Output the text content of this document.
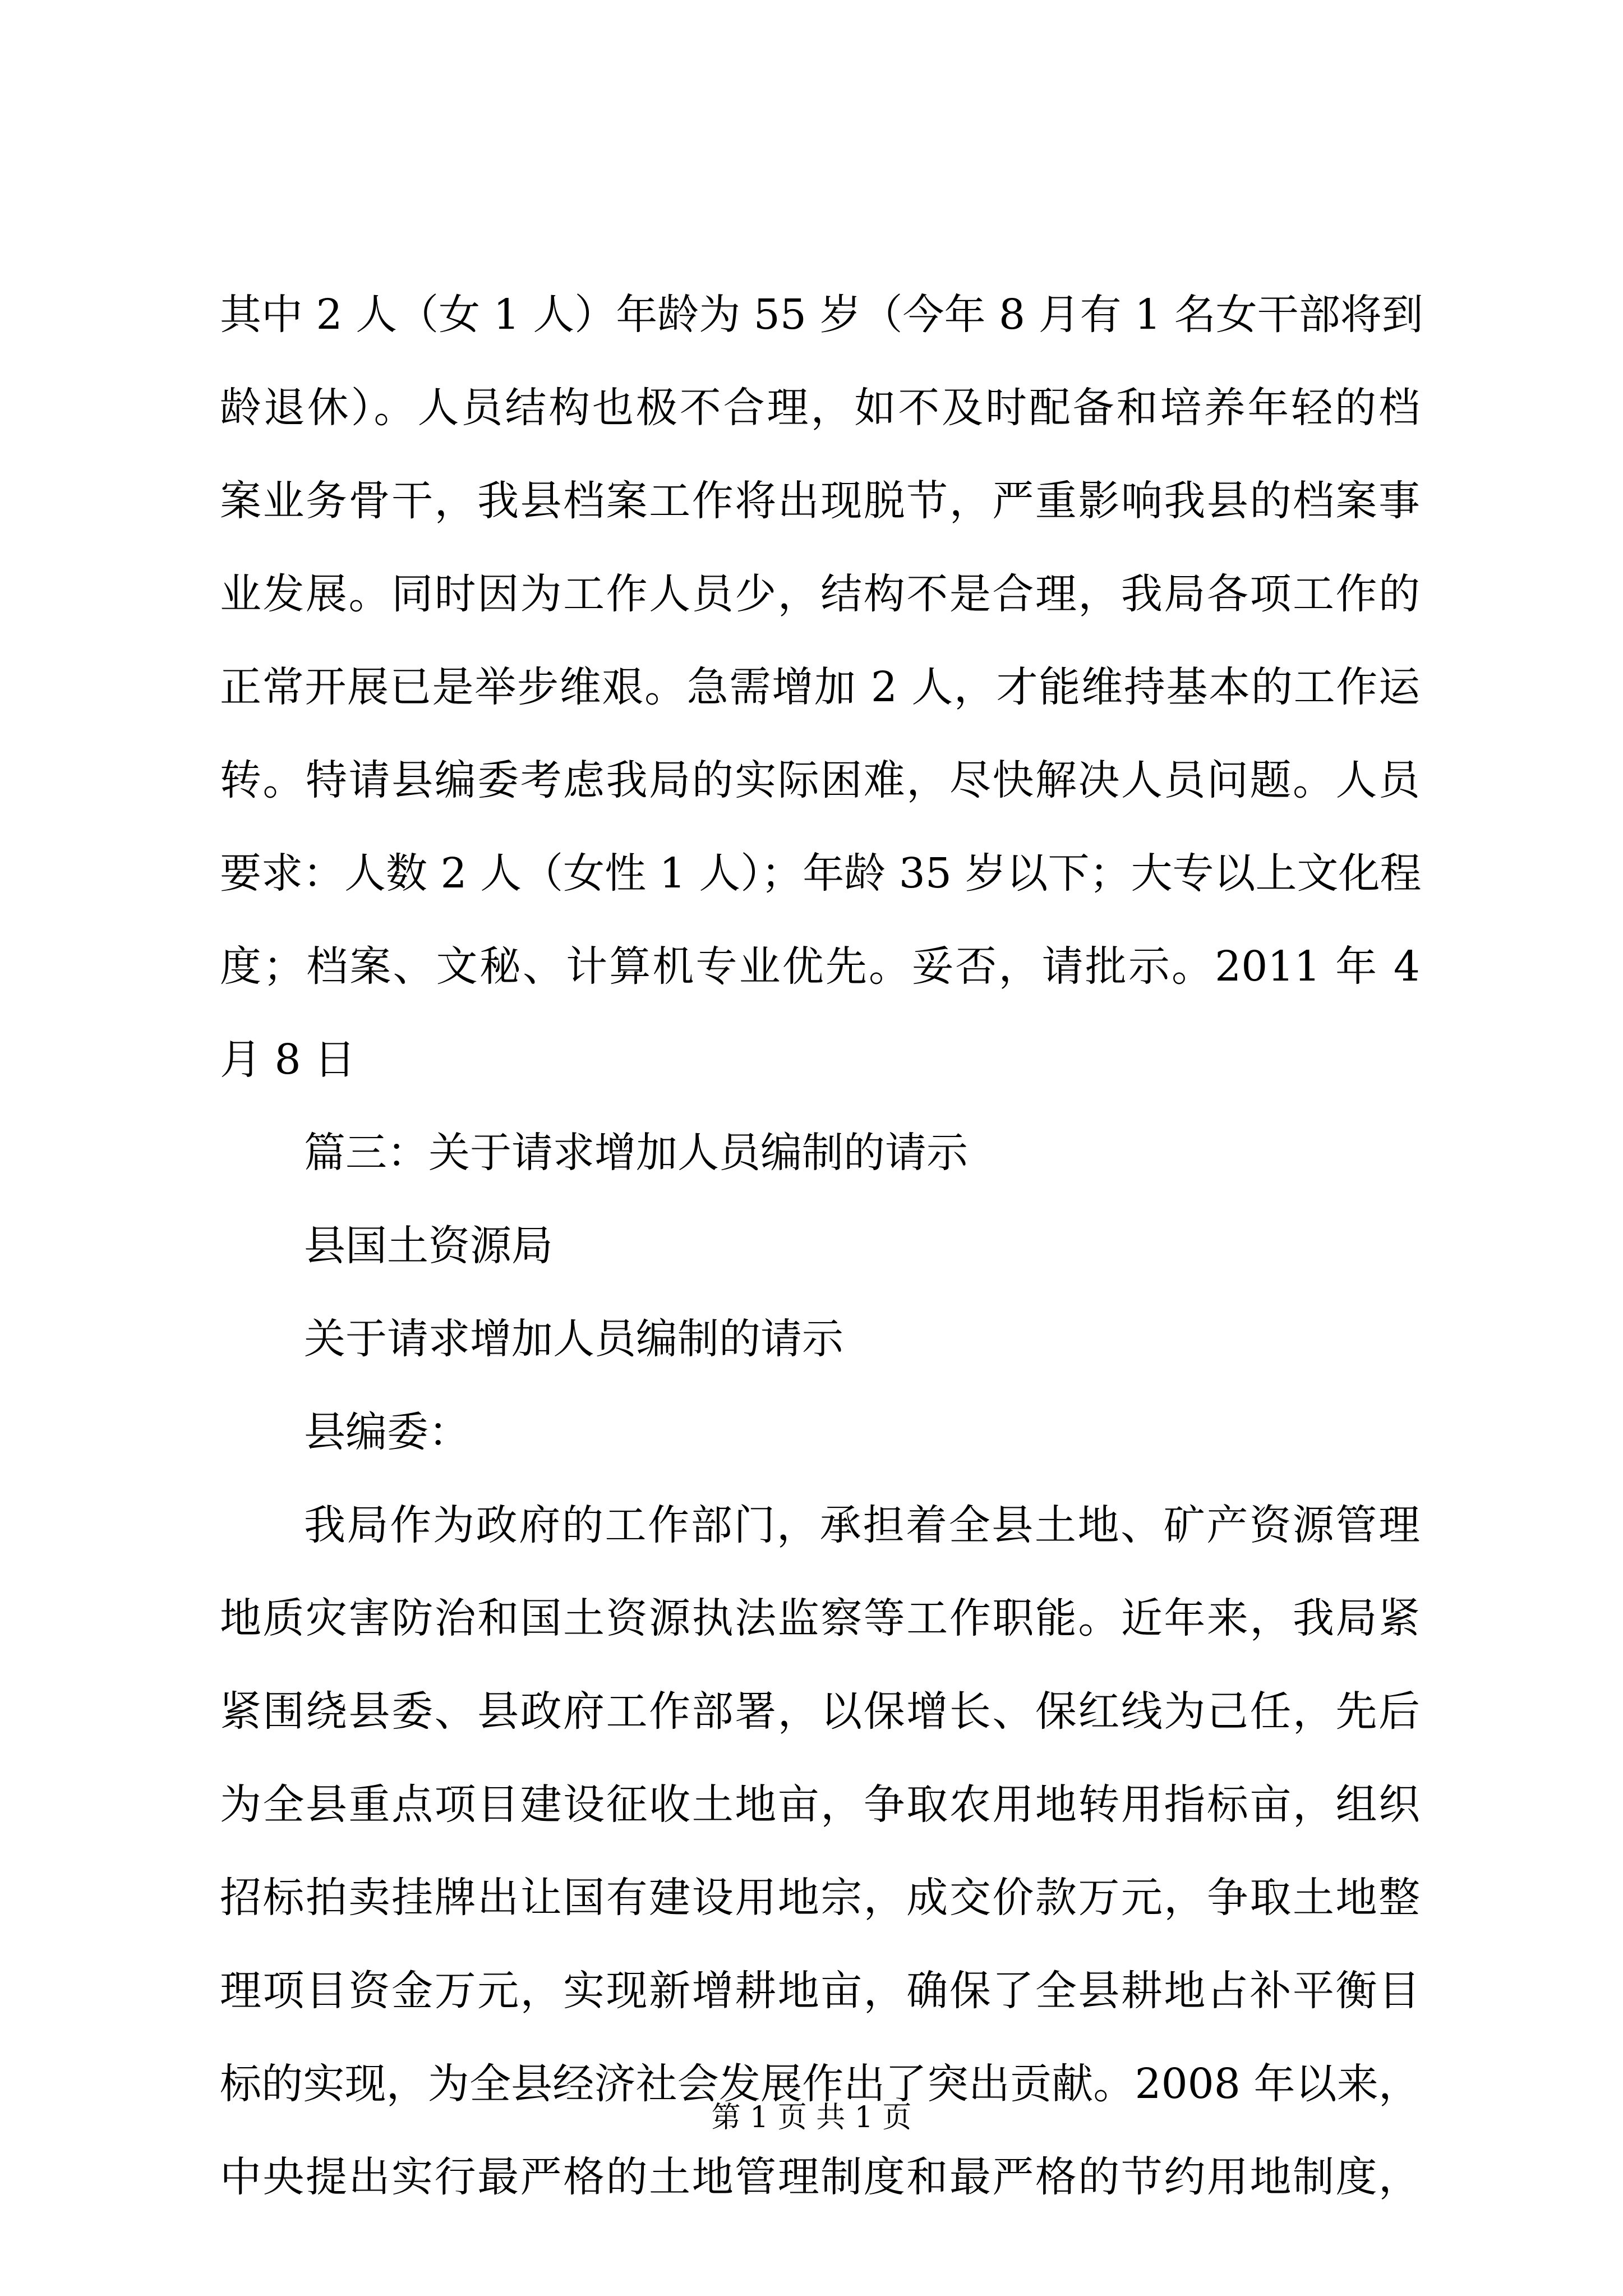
其中 2 人（女 1 人）年龄为 55 岁（今年 8 月有 1 名女干部将到
龄退休）。人员结构也极不合理，如不及时配备和培养年轻的档
案业务骨干，我县档案工作将出现脱节，严重影响我县的档案事
业发展。同时因为工作人员少，结构不是合理，我局各项工作的
正常开展已是举步维艰。急需增加 2 人，才能维持基本的工作运
转。特请县编委考虑我局的实际困难，尽快解决人员问题。人员
要求：人数 2 人（女性 1 人）；年龄 35 岁以下；大专以上文化程
度；档案、文秘、计算机专业优先。妥否，请批示。2011 年 4
月 8 日
篇三：关于请求增加人员编制的请示
县国土资源局
关于请求增加人员编制的请示
县编委：
我局作为政府的工作部门，承担着全县土地、矿产资源管理
地质灾害防治和国土资源执法监察等工作职能。近年来，我局紧
紧围绕县委、县政府工作部署，以保增长、保红线为己任，先后
为全县重点项目建设征收土地亩，争取农用地转用指标亩，组织
招标拍卖挂牌出让国有建设用地宗，成交价款万元，争取土地整
理项目资金万元，实现新增耕地亩，确保了全县耕地占补平衡目
标的实现，为全县经济社会发展作出了突出贡献。2008 年以来，
中央提出实行最严格的土地管理制度和最严格的节约用地制度，
第 1 页 共 1 页
